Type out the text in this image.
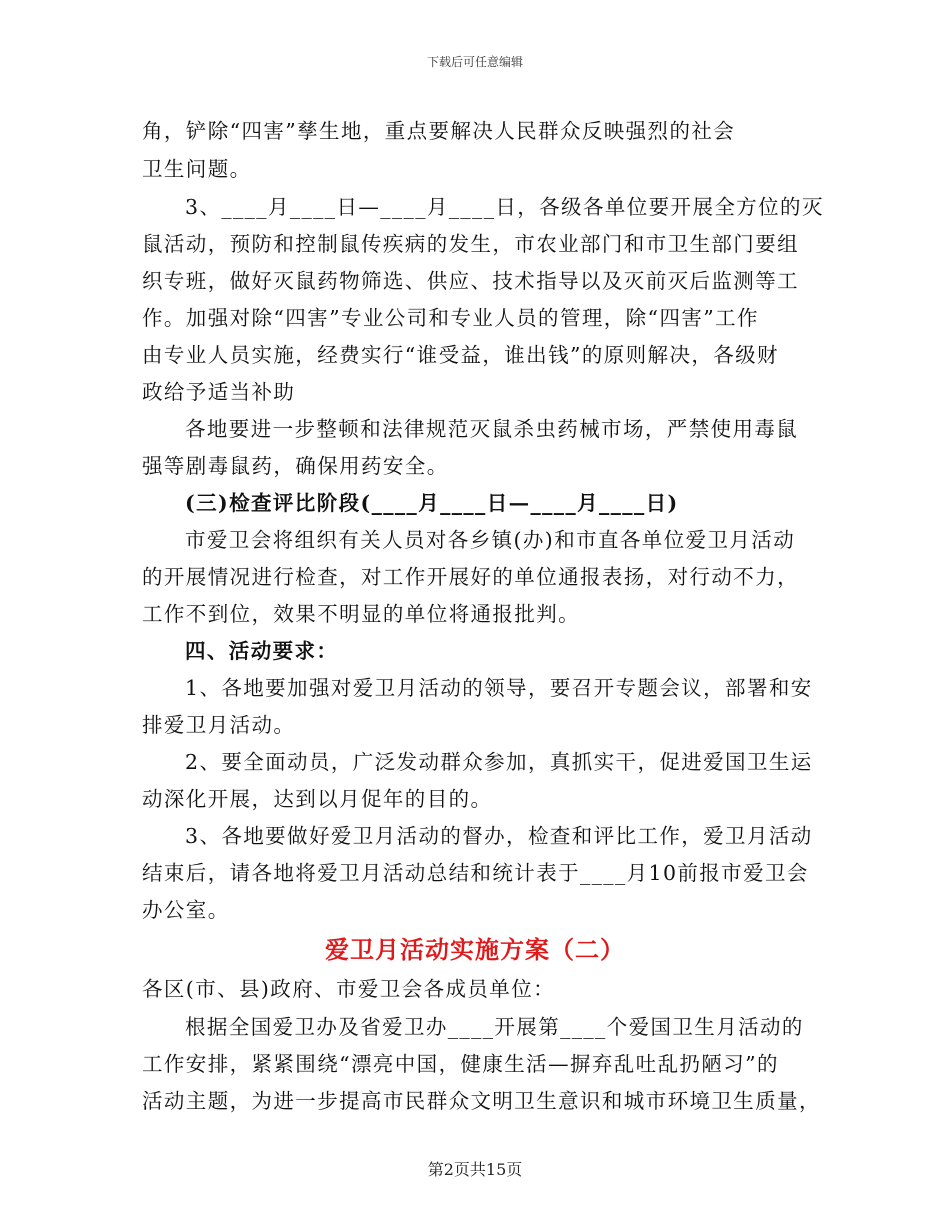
下载后可任意编辑
角，铲除“四害”孳生地，重点要解决人民群众反映强烈的社会
卫生问题。
3、____月____日—____月____日，各级各单位要开展全方位的灭
鼠活动，预防和控制鼠传疾病的发生，市农业部门和市卫生部门要组
织专班，做好灭鼠药物筛选、供应、技术指导以及灭前灭后监测等工
作。加强对除“四害”专业公司和专业人员的管理，除“四害”工作
由专业人员实施，经费实行“谁受益，谁出钱”的原则解决，各级财
政给予适当补助
各地要进一步整顿和法律规范灭鼠杀虫药械市场，严禁使用毒鼠
强等剧毒鼠药，确保用药安全。
(三)检查评比阶段(____月____日—____月____日)
市爱卫会将组织有关人员对各乡镇(办)和市直各单位爱卫月活动
的开展情况进行检查，对工作开展好的单位通报表扬，对行动不力，
工作不到位，效果不明显的单位将通报批判。
四、活动要求：
1、各地要加强对爱卫月活动的领导，要召开专题会议，部署和安
排爱卫月活动。
2、要全面动员，广泛发动群众参加，真抓实干，促进爱国卫生运
动深化开展，达到以月促年的目的。
3、各地要做好爱卫月活动的督办，检查和评比工作，爱卫月活动
结束后，请各地将爱卫月活动总结和统计表于____月10前报市爱卫会
办公室。
爱卫月活动实施方案（二）
各区(市、县)政府、市爱卫会各成员单位：
根据全国爱卫办及省爱卫办____开展第____个爱国卫生月活动的
工作安排，紧紧围绕“漂亮中国，健康生活—摒弃乱吐乱扔陋习”的
活动主题，为进一步提高市民群众文明卫生意识和城市环境卫生质量，
第2页共15页
